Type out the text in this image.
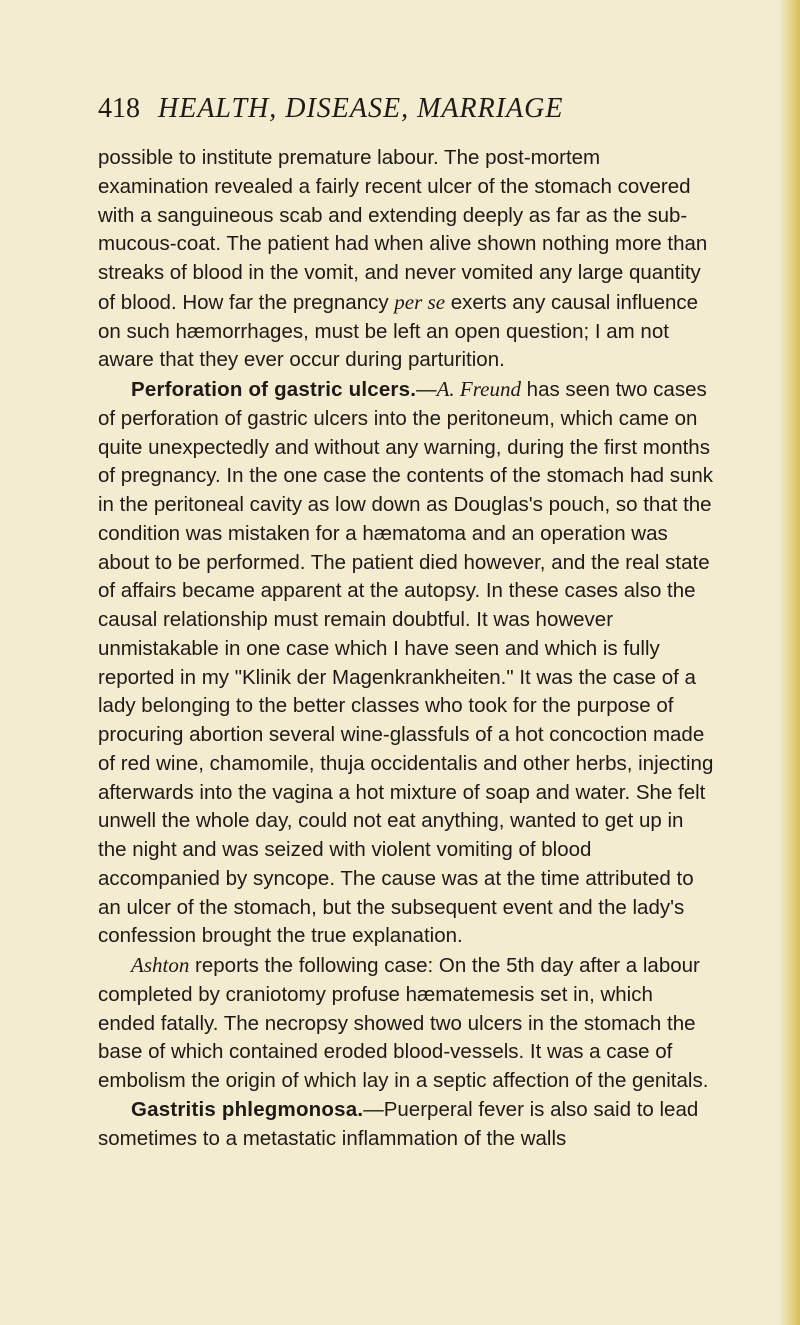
418 HEALTH, DISEASE, MARRIAGE

possible to institute premature labour. The post-mortem examination revealed a fairly recent ulcer of the stomach covered with a sanguineous scab and extending deeply as far as the sub-mucous-coat. The patient had when alive shown nothing more than streaks of blood in the vomit, and never vomited any large quantity of blood. How far the pregnancy per se exerts any causal influence on such hæmorrhages, must be left an open question; I am not aware that they ever occur during parturition.

Perforation of gastric ulcers.—A. Freund has seen two cases of perforation of gastric ulcers into the peritoneum, which came on quite unexpectedly and without any warning, during the first months of pregnancy. In the one case the contents of the stomach had sunk in the peritoneal cavity as low down as Douglas's pouch, so that the condition was mistaken for a hæmatoma and an operation was about to be performed. The patient died however, and the real state of affairs became apparent at the autopsy. In these cases also the causal relationship must remain doubtful. It was however unmistakable in one case which I have seen and which is fully reported in my "Klinik der Magenkrankheiten." It was the case of a lady belonging to the better classes who took for the purpose of procuring abortion several wine-glassfuls of a hot concoction made of red wine, chamomile, thuja occidentalis and other herbs, injecting afterwards into the vagina a hot mixture of soap and water. She felt unwell the whole day, could not eat anything, wanted to get up in the night and was seized with violent vomiting of blood accompanied by syncope. The cause was at the time attributed to an ulcer of the stomach, but the subsequent event and the lady's confession brought the true explanation.

Ashton reports the following case: On the 5th day after a labour completed by craniotomy profuse hæmatemesis set in, which ended fatally. The necropsy showed two ulcers in the stomach the base of which contained eroded blood-vessels. It was a case of embolism the origin of which lay in a septic affection of the genitals.

Gastritis phlegmonosa.—Puerperal fever is also said to lead sometimes to a metastatic inflammation of the walls
